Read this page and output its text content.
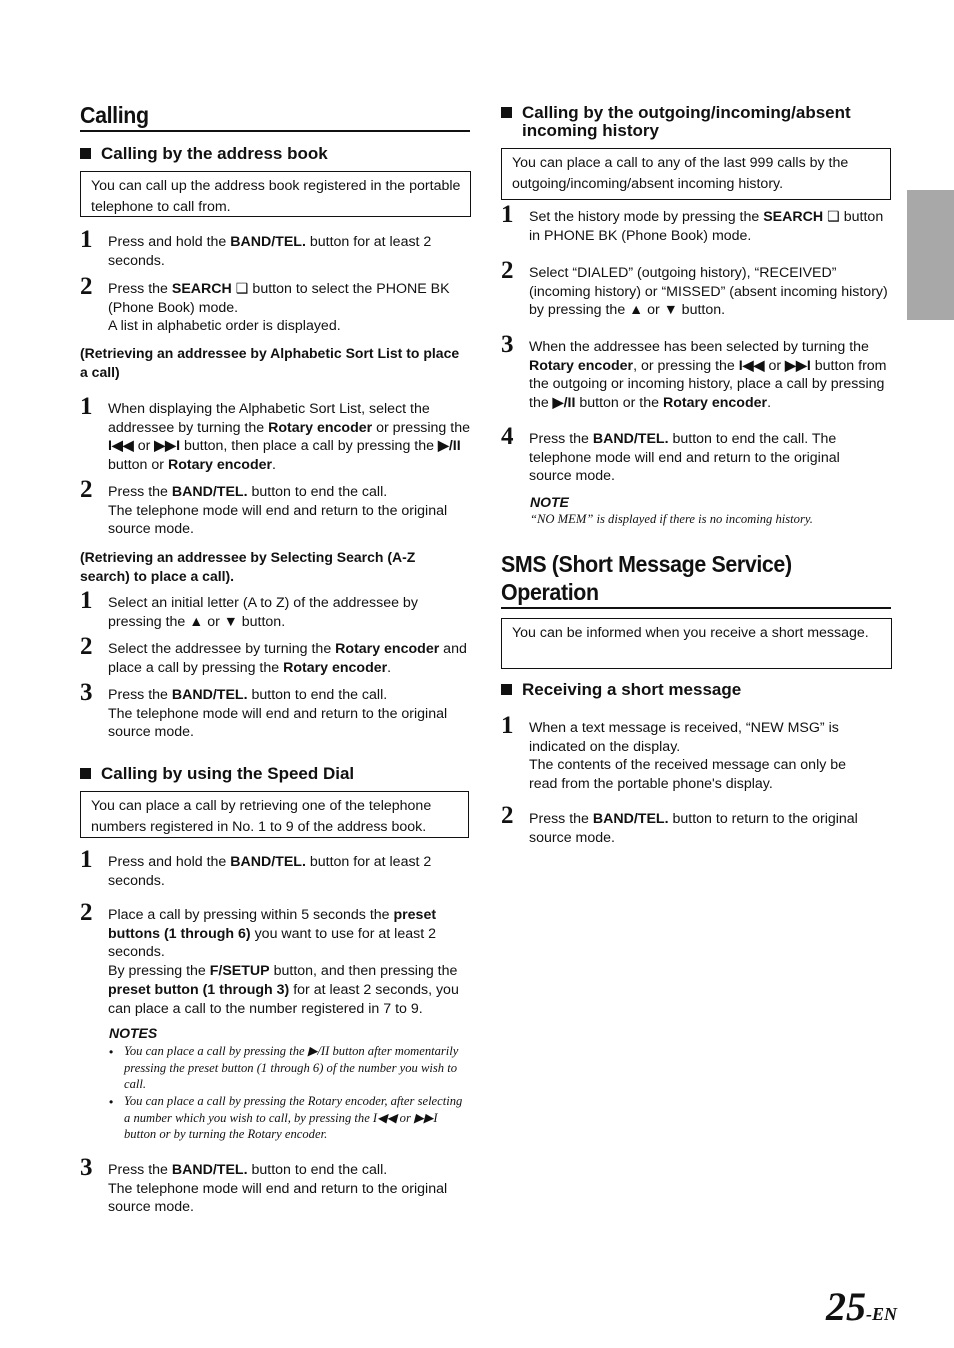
Calling
Calling by the address book
You can call up the address book registered in the portable telephone to call from.
1 Press and hold the BAND/TEL. button for at least 2 seconds.
2 Press the SEARCH ❑ button to select the PHONE BK (Phone Book) mode.
A list in alphabetic order is displayed.
(Retrieving an addressee by Alphabetic Sort List to place a call)
1 When displaying the Alphabetic Sort List, select the addressee by turning the Rotary encoder or pressing the I◀◀ or ▶▶I button, then place a call by pressing the ▶/II button or Rotary encoder.
2 Press the BAND/TEL. button to end the call.
The telephone mode will end and return to the original source mode.
(Retrieving an addressee by Selecting Search (A-Z search) to place a call).
1 Select an initial letter (A to Z) of the addressee by pressing the ▲ or ▼ button.
2 Select the addressee by turning the Rotary encoder and place a call by pressing the Rotary encoder.
3 Press the BAND/TEL. button to end the call.
The telephone mode will end and return to the original source mode.
Calling by using the Speed Dial
You can place a call by retrieving one of the telephone numbers registered in No. 1 to 9 of the address book.
1 Press and hold the BAND/TEL. button for at least 2 seconds.
2 Place a call by pressing within 5 seconds the preset buttons (1 through 6) you want to use for at least 2 seconds.
By pressing the F/SETUP button, and then pressing the preset button (1 through 3) for at least 2 seconds, you can place a call to the number registered in 7 to 9.
NOTES
• You can place a call by pressing the ▶/II button after momentarily pressing the preset button (1 through 6) of the number you wish to call.
• You can place a call by pressing the Rotary encoder, after selecting a number which you wish to call, by pressing the I◀◀ or ▶▶I button or by turning the Rotary encoder.
3 Press the BAND/TEL. button to end the call.
The telephone mode will end and return to the original source mode.
Calling by the outgoing/incoming/absent incoming history
You can place a call to any of the last 999 calls by the outgoing/incoming/absent incoming history.
1 Set the history mode by pressing the SEARCH ❑ button in PHONE BK (Phone Book) mode.
2 Select “DIALED” (outgoing history), “RECEIVED” (incoming history) or “MISSED” (absent incoming history) by pressing the ▲ or ▼ button.
3 When the addressee has been selected by turning the Rotary encoder, or pressing the I◀◀ or ▶▶I button from the outgoing or incoming history, place a call by pressing the ▶/II button or the Rotary encoder.
4 Press the BAND/TEL. button to end the call. The telephone mode will end and return to the original source mode.
NOTE
“NO MEM” is displayed if there is no incoming history.
SMS (Short Message Service)
Operation
You can be informed when you receive a short message.
Receiving a short message
1 When a text message is received, “NEW MSG” is indicated on the display.
The contents of the received message can only be read from the portable phone's display.
2 Press the BAND/TEL. button to return to the original source mode.
25-EN
